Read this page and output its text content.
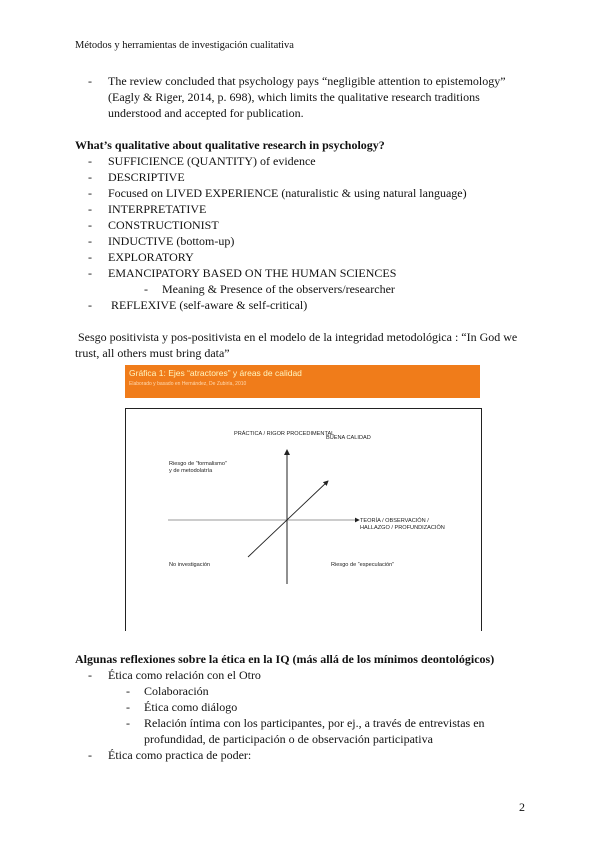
Métodos y herramientas de investigación cualitativa
- The review concluded that psychology pays “negligible attention to epistemology”
(Eagly & Riger, 2014, p. 698), which limits the qualitative research traditions
understood and accepted for publication.
What’s qualitative about qualitative research in psychology?
- SUFFICIENCE (QUANTITY) of evidence
- DESCRIPTIVE
- Focused on LIVED EXPERIENCE (naturalistic & using natural language)
- INTERPRETATIVE
- CONSTRUCTIONIST
- INDUCTIVE (bottom-up)
- EXPLORATORY
- EMANCIPATORY BASED ON THE HUMAN SCIENCES
- Meaning & Presence of the observers/researcher
- REFLEXIVE (self-aware & self-critical)
Sesgo positivista y pos-positivista en el modelo de la integridad metodológica : “In God we
trust, all others must bring data”
Gráfica 1: Ejes “atractores” y áreas de calidad
Elaborado y basado en Hernández, De Zubiría, 2010
PRÁCTICA / RIGOR PROCEDIMENTAL
Riesgo de “formalismo”
y de metodolatría
BUENA CALIDAD
TEORÍA / OBSERVACIÓN /
HALLAZGO / PROFUNDIZACIÓN
No investigación	Riesgo de “especulación”
Algunas reflexiones sobre la ética en la IQ (más allá de los mínimos deontológicos)
- Ética como relación con el Otro
- Colaboración
- Ética como diálogo
- Relación íntima con los participantes, por ej., a través de entrevistas en
profundidad, de participación o de observación participativa
- Ética como practica de poder:
2
